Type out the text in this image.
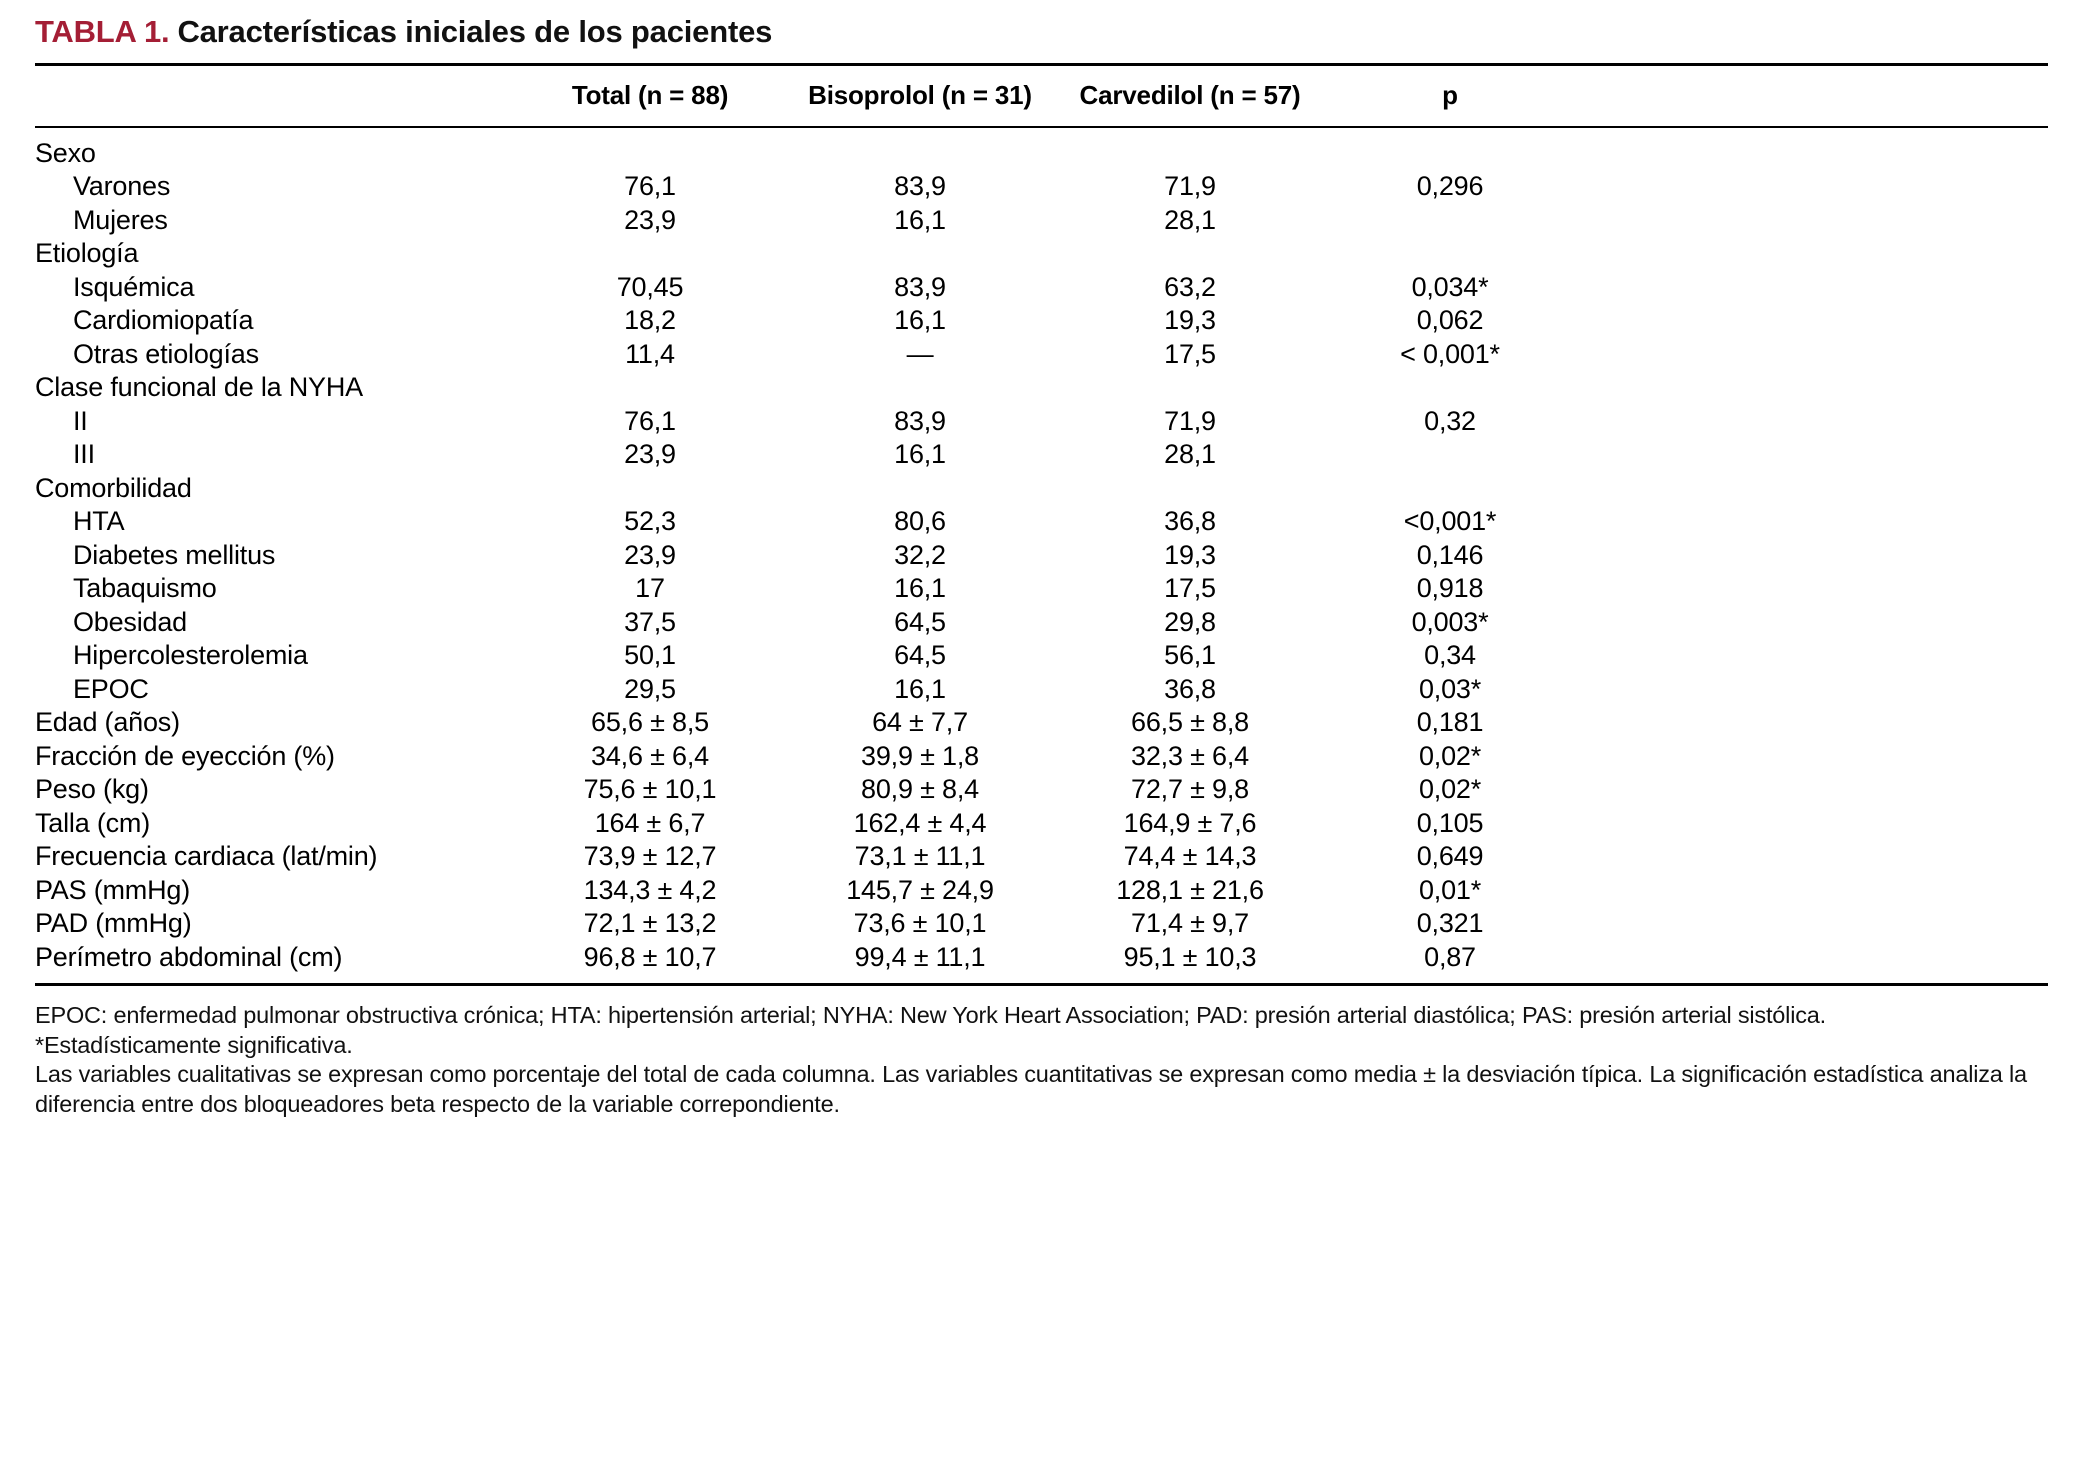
TABLA 1. Características iniciales de los pacientes
	Total (n = 88)	Bisoprolol (n = 31)	Carvedilol (n = 57)	p	
Sexo					
Varones	76,1	83,9	71,9	0,296	
Mujeres	23,9	16,1	28,1		
Etiología					
Isquémica	70,45	83,9	63,2	0,034*	
Cardiomiopatía	18,2	16,1	19,3	0,062	
Otras etiologías	11,4	—	17,5	< 0,001*	
Clase funcional de la NYHA					
II	76,1	83,9	71,9	0,32	
III	23,9	16,1	28,1		
Comorbilidad					
HTA	52,3	80,6	36,8	<0,001*	
Diabetes mellitus	23,9	32,2	19,3	0,146	
Tabaquismo	17	16,1	17,5	0,918	
Obesidad	37,5	64,5	29,8	0,003*	
Hipercolesterolemia	50,1	64,5	56,1	0,34	
EPOC	29,5	16,1	36,8	0,03*	
Edad (años)	65,6 ± 8,5	64 ± 7,7	66,5 ± 8,8	0,181	
Fracción de eyección (%)	34,6 ± 6,4	39,9 ± 1,8	32,3 ± 6,4	0,02*	
Peso (kg)	75,6 ± 10,1	80,9 ± 8,4	72,7 ± 9,8	0,02*	
Talla (cm)	164 ± 6,7	162,4 ± 4,4	164,9 ± 7,6	0,105	
Frecuencia cardiaca (lat/min)	73,9 ± 12,7	73,1 ± 11,1	74,4 ± 14,3	0,649	
PAS (mmHg)	134,3 ± 4,2	145,7 ± 24,9	128,1 ± 21,6	0,01*	
PAD (mmHg)	72,1 ± 13,2	73,6 ± 10,1	71,4 ± 9,7	0,321	
Perímetro abdominal (cm)	96,8 ± 10,7	99,4 ± 11,1	95,1 ± 10,3	0,87	

EPOC: enfermedad pulmonar obstructiva crónica; HTA: hipertensión arterial; NYHA: New York Heart Association; PAD: presión arterial diastólica; PAS: presión arterial sistólica.

*Estadísticamente significativa.

Las variables cualitativas se expresan como porcentaje del total de cada columna. Las variables cuantitativas se expresan como media ± la desviación típica. La significación estadística analiza la diferencia entre dos bloqueadores beta respecto de la variable correpondiente.
